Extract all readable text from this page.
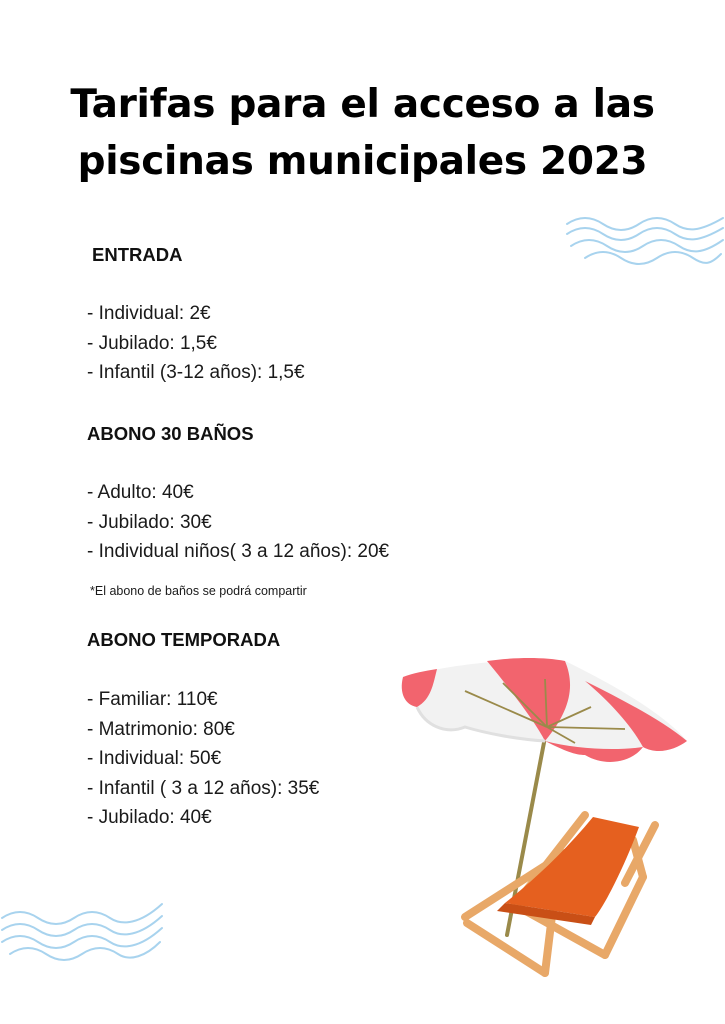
Tarifas para el acceso a las
piscinas municipales 2023
ENTRADA
- Individual: 2€
- Jubilado: 1,5€
- Infantil (3-12 años): 1,5€
ABONO 30 BAÑOS
- Adulto: 40€
- Jubilado: 30€
- Individual niños( 3 a 12 años): 20€

*El abono de baños se podrá compartir

ABONO TEMPORADA
- Familiar: 110€
- Matrimonio: 80€
- Individual: 50€
- Infantil ( 3 a 12 años): 35€
- Jubilado: 40€
